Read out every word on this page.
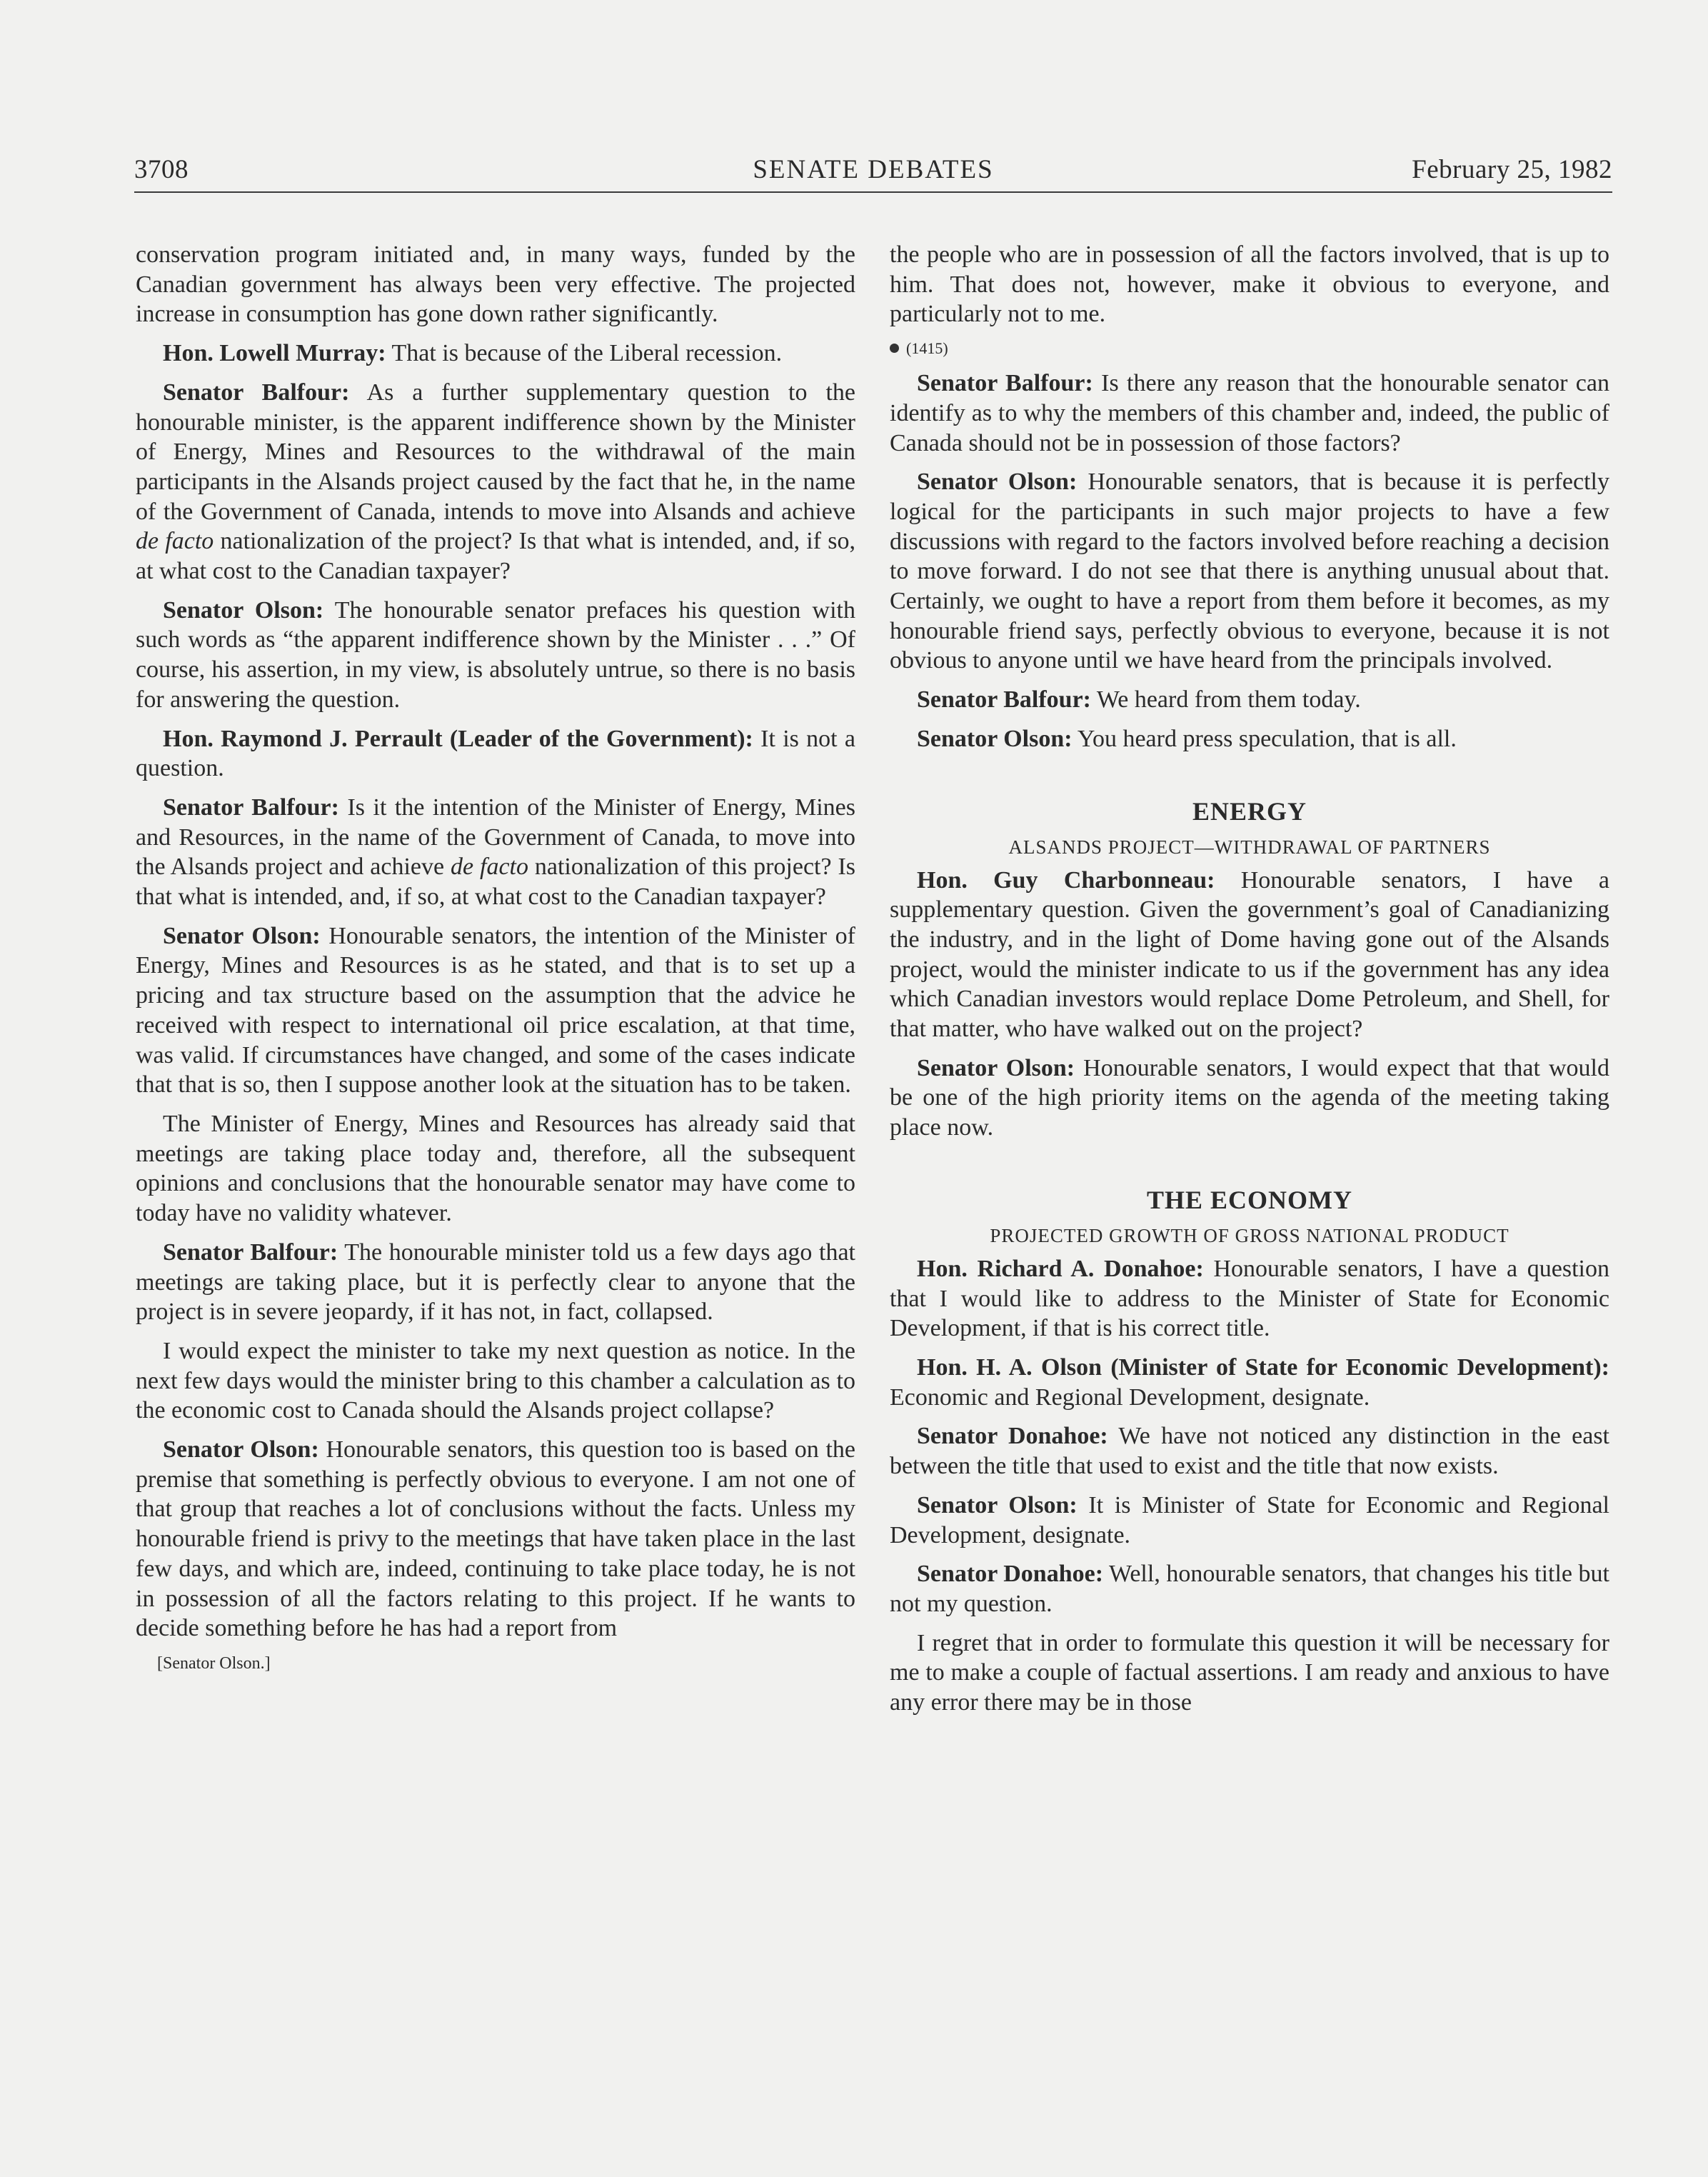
3708	SENATE DEBATES	February 25, 1982

conservation program initiated and, in many ways, funded by the Canadian government has always been very effective. The projected increase in consumption has gone down rather significantly.

Hon. Lowell Murray: That is because of the Liberal recession.

Senator Balfour: As a further supplementary question to the honourable minister, is the apparent indifference shown by the Minister of Energy, Mines and Resources to the withdrawal of the main participants in the Alsands project caused by the fact that he, in the name of the Government of Canada, intends to move into Alsands and achieve de facto nationalization of the project? Is that what is intended, and, if so, at what cost to the Canadian taxpayer?

Senator Olson: The honourable senator prefaces his question with such words as “the apparent indifference shown by the Minister . . .” Of course, his assertion, in my view, is absolutely untrue, so there is no basis for answering the question.

Hon. Raymond J. Perrault (Leader of the Government): It is not a question.

Senator Balfour: Is it the intention of the Minister of Energy, Mines and Resources, in the name of the Government of Canada, to move into the Alsands project and achieve de facto nationalization of this project? Is that what is intended, and, if so, at what cost to the Canadian taxpayer?

Senator Olson: Honourable senators, the intention of the Minister of Energy, Mines and Resources is as he stated, and that is to set up a pricing and tax structure based on the assumption that the advice he received with respect to international oil price escalation, at that time, was valid. If circumstances have changed, and some of the cases indicate that that is so, then I suppose another look at the situation has to be taken.

The Minister of Energy, Mines and Resources has already said that meetings are taking place today and, therefore, all the subsequent opinions and conclusions that the honourable senator may have come to today have no validity whatever.

Senator Balfour: The honourable minister told us a few days ago that meetings are taking place, but it is perfectly clear to anyone that the project is in severe jeopardy, if it has not, in fact, collapsed.

I would expect the minister to take my next question as notice. In the next few days would the minister bring to this chamber a calculation as to the economic cost to Canada should the Alsands project collapse?

Senator Olson: Honourable senators, this question too is based on the premise that something is perfectly obvious to everyone. I am not one of that group that reaches a lot of conclusions without the facts. Unless my honourable friend is privy to the meetings that have taken place in the last few days, and which are, indeed, continuing to take place today, he is not in possession of all the factors relating to this project. If he wants to decide something before he has had a report from

[Senator Olson.]

the people who are in possession of all the factors involved, that is up to him. That does not, however, make it obvious to everyone, and particularly not to me.

(1415)

Senator Balfour: Is there any reason that the honourable senator can identify as to why the members of this chamber and, indeed, the public of Canada should not be in possession of those factors?

Senator Olson: Honourable senators, that is because it is perfectly logical for the participants in such major projects to have a few discussions with regard to the factors involved before reaching a decision to move forward. I do not see that there is anything unusual about that. Certainly, we ought to have a report from them before it becomes, as my honourable friend says, perfectly obvious to everyone, because it is not obvious to anyone until we have heard from the principals involved.

Senator Balfour: We heard from them today.

Senator Olson: You heard press speculation, that is all.

ENERGY
ALSANDS PROJECT—WITHDRAWAL OF PARTNERS

Hon. Guy Charbonneau: Honourable senators, I have a supplementary question. Given the government’s goal of Canadianizing the industry, and in the light of Dome having gone out of the Alsands project, would the minister indicate to us if the government has any idea which Canadian investors would replace Dome Petroleum, and Shell, for that matter, who have walked out on the project?

Senator Olson: Honourable senators, I would expect that that would be one of the high priority items on the agenda of the meeting taking place now.

THE ECONOMY
PROJECTED GROWTH OF GROSS NATIONAL PRODUCT

Hon. Richard A. Donahoe: Honourable senators, I have a question that I would like to address to the Minister of State for Economic Development, if that is his correct title.

Hon. H. A. Olson (Minister of State for Economic Development): Economic and Regional Development, designate.

Senator Donahoe: We have not noticed any distinction in the east between the title that used to exist and the title that now exists.

Senator Olson: It is Minister of State for Economic and Regional Development, designate.

Senator Donahoe: Well, honourable senators, that changes his title but not my question.

I regret that in order to formulate this question it will be necessary for me to make a couple of factual assertions. I am ready and anxious to have any error there may be in those
